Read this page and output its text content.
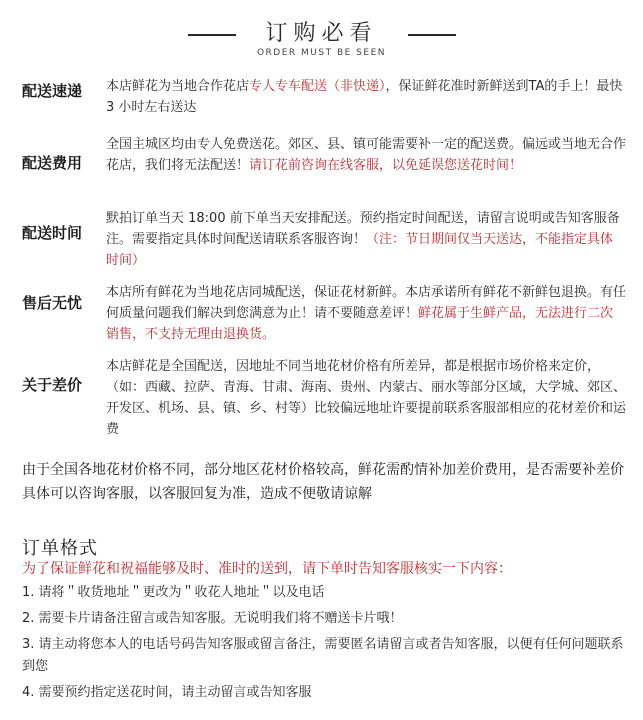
订购必看
ORDER MUST BE SEEN
配送速递 本店鲜花为当地合作花店专人专车配送（非快递），保证鲜花准时新鲜送到TA的手上！最快 3 小时左右送达
配送费用
全国主城区均由专人免费送花。郊区、县、镇可能需要补一定的配送费。偏远或当地无合作花店，我们将无法配送！请订花前咨询在线客服，以免延误您送花时间！
配送时间
默拍订单当天 18:00 前下单当天安排配送。预约指定时间配送，请留言说明或告知客服备注。需要指定具体时间配送请联系客服咨询！（注：节日期间仅当天送达，不能指定具体时间）
售后无忧
本店所有鲜花为当地花店同城配送，保证花材新鲜。本店承诺所有鲜花不新鲜包退换。有任何质量问题我们解决到您满意为止！请不要随意差评！鲜花属于生鲜产品，无法进行二次销售，不支持无理由退换货。
关于差价
本店鲜花是全国配送，因地址不同当地花材价格有所差异，都是根据市场价格来定价，（如：西藏、拉萨、青海、甘肃、海南、贵州、内蒙古、丽水等部分区域，大学城、郊区、开发区、机场、县、镇、乡、村等）比较偏远地址许要提前联系客服部相应的花材差价和运费
由于全国各地花材价格不同，部分地区花材价格较高，鲜花需酌情补加差价费用，是否需要补差价具体可以咨询客服，以客服回复为准，造成不便敬请谅解
订单格式
为了保证鲜花和祝福能够及时、准时的送到，请下单时告知客服核实一下内容：
1. 请将＂收货地址＂更改为＂收花人地址＂以及电话
2. 需要卡片请备注留言或告知客服。无说明我们将不赠送卡片哦！
3. 请主动将您本人的电话号码告知客服或留言备注，需要匿名请留言或者告知客服，以便有任何问题联系到您
4. 需要预约指定送花时间，请主动留言或告知客服
